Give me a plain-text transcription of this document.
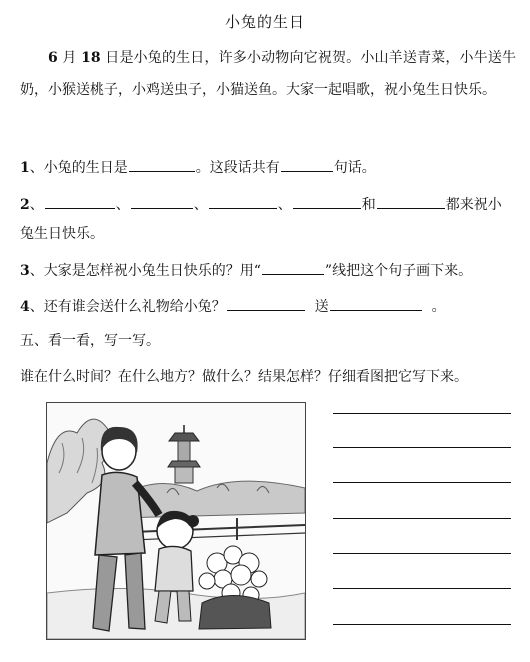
小兔的生日
6 月 18 日是小兔的生日，许多小动物向它祝贺。小山羊送青菜，小牛送牛奶，小猴送桃子，小鸡送虫子，小猫送鱼。大家一起唱歌，祝小兔生日快乐。
1、小兔的生日是	。这段话共有	句话。
2、	、	、	、	和	都来祝小
兔生日快乐。
3、大家是怎样祝小兔生日快乐的？用“	”线把这个句子画下来。
4、还有谁会送什么礼物给小兔？	送	。
五、看一看，写一写。
谁在什么时间？在什么地方？做什么？结果怎样？仔细看图把它写下来。
